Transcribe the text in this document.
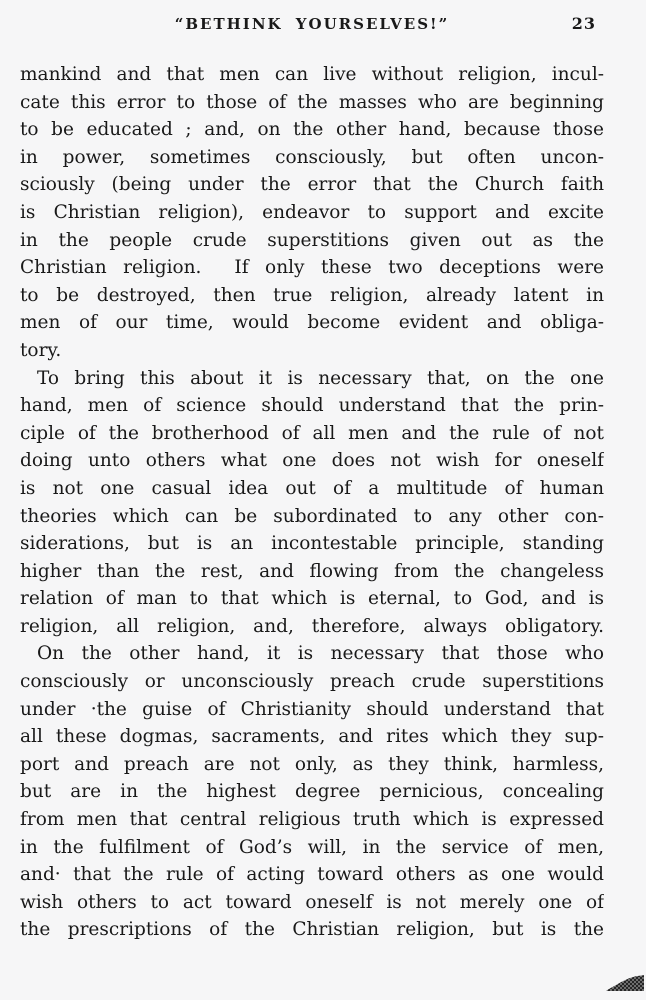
“BETHINK YOURSELVES!”	23
mankind and that men can live without religion, incul-
cate this error to those of the masses who are beginning
to be educated ; and, on the other hand, because those
in power, sometimes consciously, but often uncon-
sciously (being under the error that the Church faith
is Christian religion), endeavor to support and excite
in the people crude superstitions given out as the
Christian religion.  If only these two deceptions were
to be destroyed, then true religion, already latent in
men of our time, would become evident and obliga-
tory.
To bring this about it is necessary that, on the one
hand, men of science should understand that the prin-
ciple of the brotherhood of all men and the rule of not
doing unto others what one does not wish for oneself
is not one casual idea out of a multitude of human
theories which can be subordinated to any other con-
siderations, but is an incontestable principle, standing
higher than the rest, and flowing from the changeless
relation of man to that which is eternal, to God, and is
religion, all religion, and, therefore, always obligatory.
On the other hand, it is necessary that those who
consciously or unconsciously preach crude superstitions
under ·the guise of Christianity should understand that
all these dogmas, sacraments, and rites which they sup-
port and preach are not only, as they think, harmless,
but are in the highest degree pernicious, concealing
from men that central religious truth which is expressed
in the fulfilment of God’s will, in the service of men,
and· that the rule of acting toward others as one would
wish others to act toward oneself is not merely one of
the prescriptions of the Christian religion, but is the
